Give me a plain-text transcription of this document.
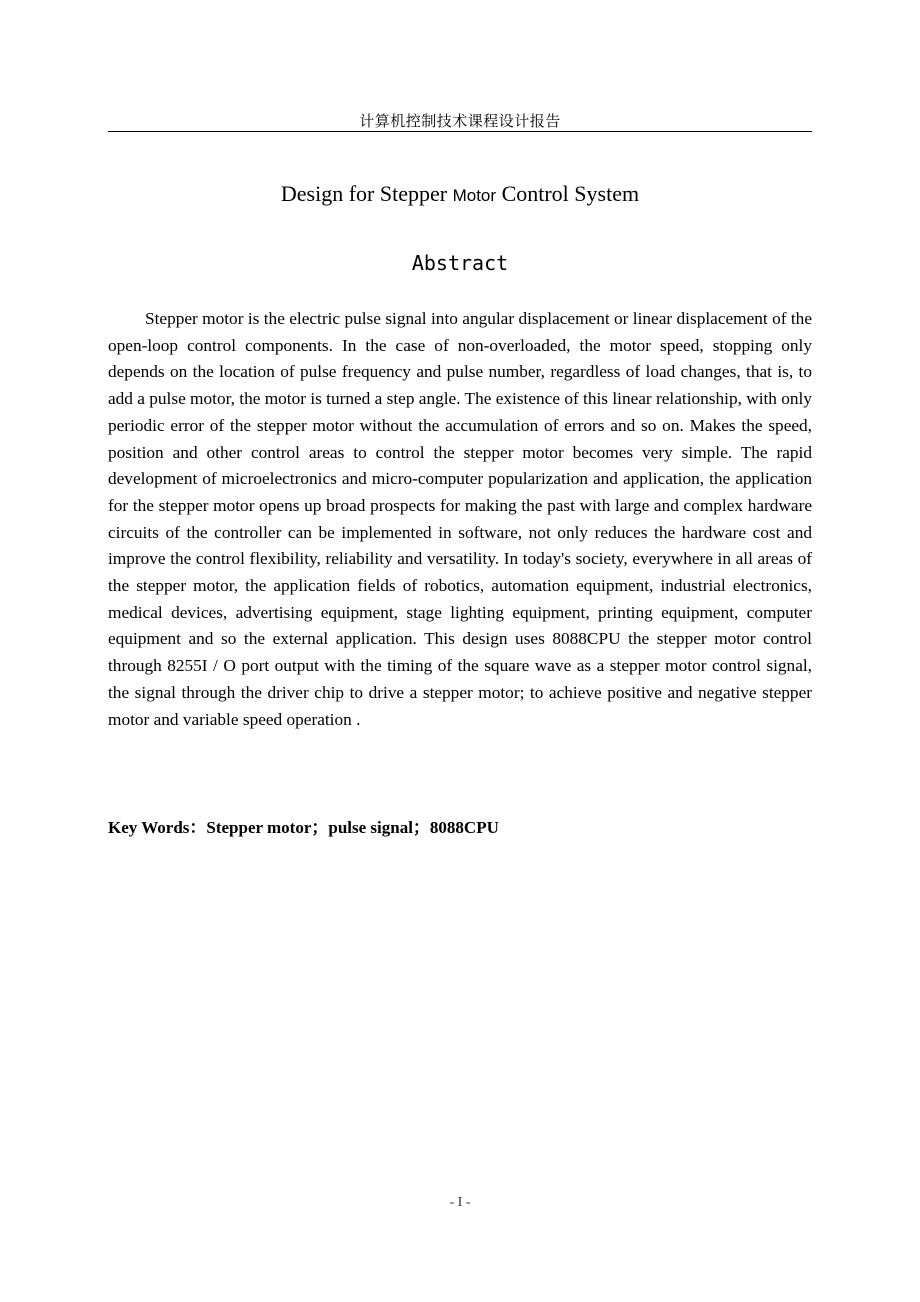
计算机控制技术课程设计报告
Design for Stepper Motor Control System
Abstract

Stepper motor is the electric pulse signal into angular displacement or linear displacement of the open-loop control components. In the case of non-overloaded, the motor speed, stopping only depends on the location of pulse frequency and pulse number, regardless of load changes, that is, to add a pulse motor, the motor is turned a step angle. The existence of this linear relationship, with only periodic error of the stepper motor without the accumulation of errors and so on. Makes the speed, position and other control areas to control the stepper motor becomes very simple. The rapid development of microelectronics and micro-computer popularization and application, the application for the stepper motor opens up broad prospects for making the past with large and complex hardware circuits of the controller can be implemented in software, not only reduces the hardware cost and improve the control flexibility, reliability and versatility. In today's society, everywhere in all areas of the stepper motor, the application fields of robotics, automation equipment, industrial electronics, medical devices, advertising equipment, stage lighting equipment, printing equipment, computer equipment and so the external application. This design uses 8088CPU the stepper motor control through 8255I / O port output with the timing of the square wave as a stepper motor control signal, the signal through the driver chip to drive a stepper motor; to achieve positive and negative stepper motor and variable speed operation .

Key Words：Stepper motor；pulse signal；8088CPU
- I -
